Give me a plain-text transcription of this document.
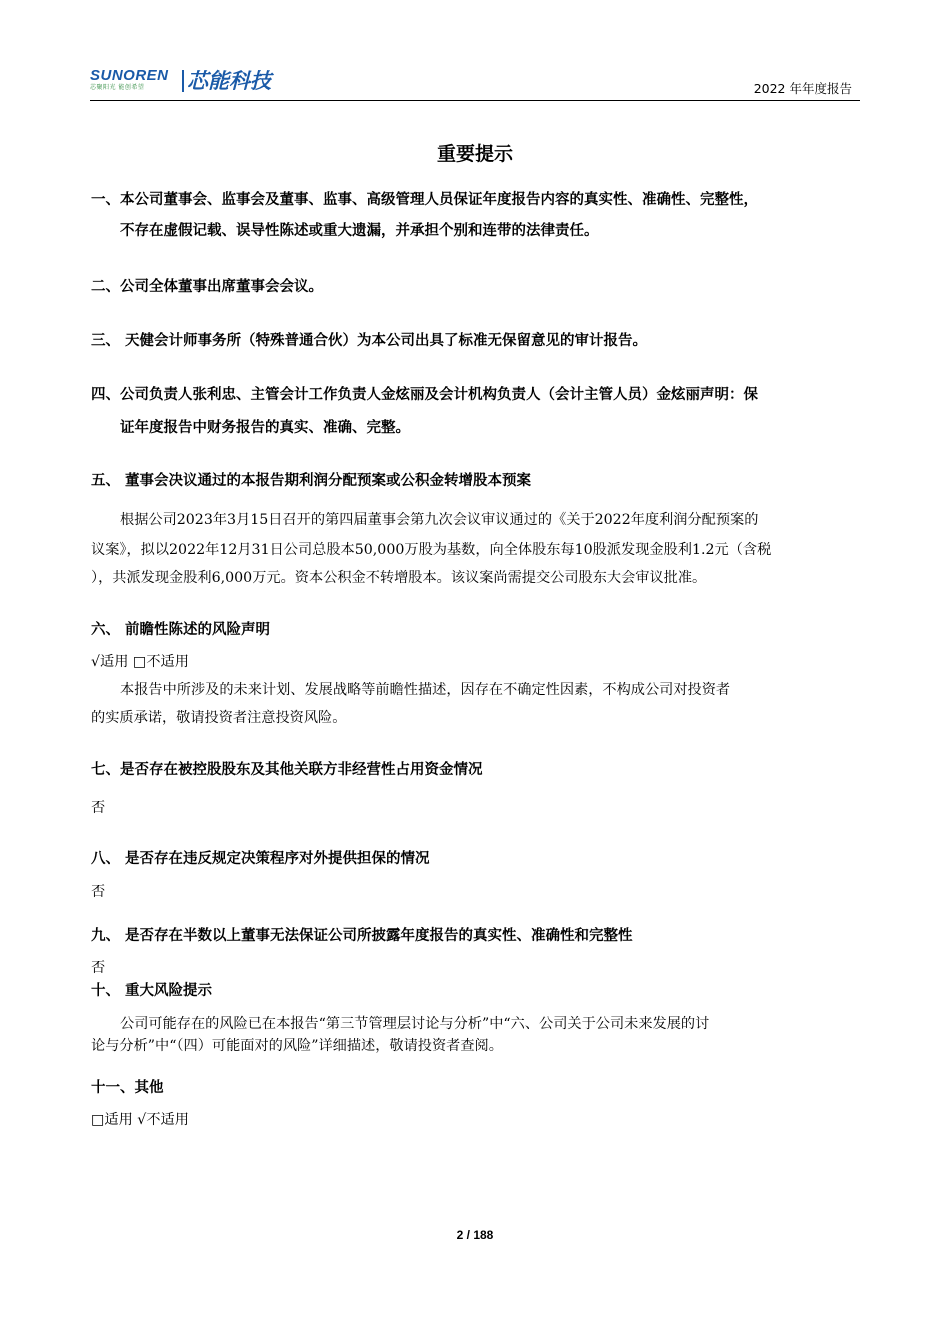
SUNOREN
芯聚阳光 能创希望	芯能科技	2022 年年度报告
重要提示
一、本公司董事会、监事会及董事、监事、高级管理人员保证年度报告内容的真实性、准确性、完整性，
不存在虚假记载、误导性陈述或重大遗漏，并承担个别和连带的法律责任。
二、公司全体董事出席董事会会议。
三、 天健会计师事务所（特殊普通合伙）为本公司出具了标准无保留意见的审计报告。
四、公司负责人张利忠、主管会计工作负责人金炫丽及会计机构负责人（会计主管人员）金炫丽声明：保
证年度报告中财务报告的真实、准确、完整。
五、 董事会决议通过的本报告期利润分配预案或公积金转增股本预案
根据公司2023年3月15日召开的第四届董事会第九次会议审议通过的《关于2022年度利润分配预案的
议案》，拟以2022年12月31日公司总股本50,000万股为基数，向全体股东每10股派发现金股利1.2元（含税
），共派发现金股利6,000万元。资本公积金不转增股本。该议案尚需提交公司股东大会审议批准。
六、 前瞻性陈述的风险声明
√适用 □不适用
本报告中所涉及的未来计划、发展战略等前瞻性描述，因存在不确定性因素，不构成公司对投资者
的实质承诺，敬请投资者注意投资风险。
七、是否存在被控股股东及其他关联方非经营性占用资金情况
否
八、 是否存在违反规定决策程序对外提供担保的情况
否
九、 是否存在半数以上董事无法保证公司所披露年度报告的真实性、准确性和完整性
否
十、 重大风险提示
公司可能存在的风险已在本报告“第三节管理层讨论与分析”中“六、公司关于公司未来发展的讨
论与分析”中“（四）可能面对的风险”详细描述，敬请投资者查阅。
十一、其他
□适用 √不适用
2 / 188
